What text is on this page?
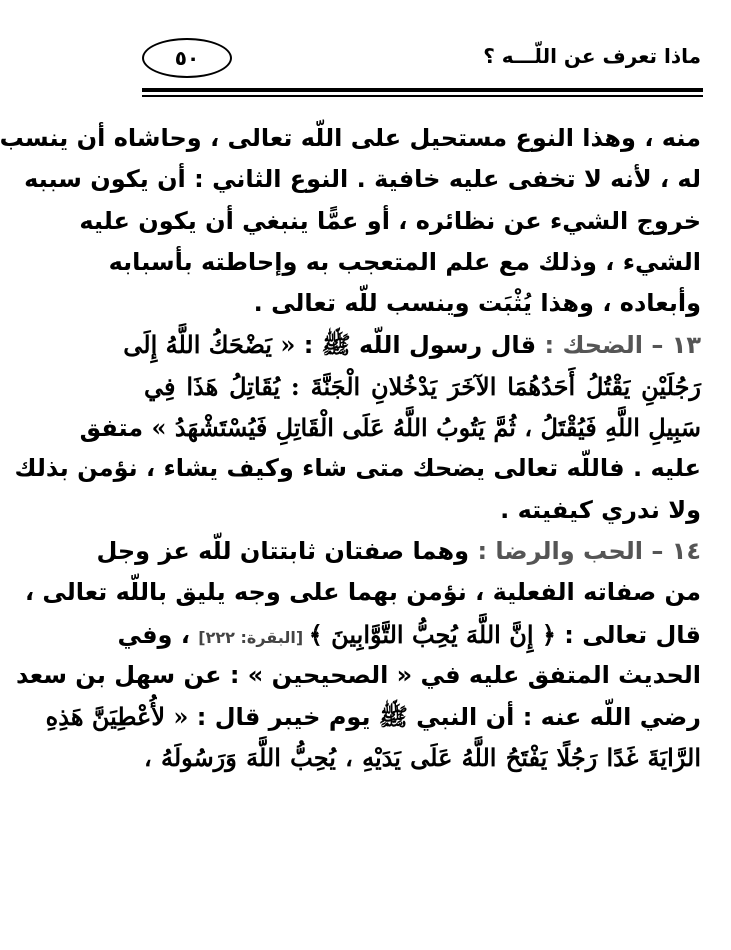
٥٠	ماذا تعرف عن اللّـــه ؟
منه ، وهذا النوع مستحيل على اللّه تعالى ، وحاشاه أن ينسب
له ، لأنه لا تخفى عليه خافية . النوع الثاني : أن يكون سببه
خروج الشيء عن نظائره ، أو عمًّا ينبغي أن يكون عليه
الشيء ، وذلك مع علم المتعجب به وإحاطته بأسبابه
وأبعاده ، وهذا يُثْبَت وينسب للّه تعالى .
١٣ – الضحك : قال رسول اللّه ﷺ : « يَضْحَكُ اللَّهُ إِلَى
رَجُلَيْنِ يَقْتُلُ أَحَدُهُمَا الآخَرَ يَدْخُلانِ الْجَنَّةَ : يُقَاتِلُ هَذَا فِي
سَبِيلِ اللَّهِ فَيُقْتَلُ ، ثُمَّ يَتُوبُ اللَّهُ عَلَى الْقَاتِلِ فَيُسْتَشْهَدُ » متفق
عليه . فاللّه تعالى يضحك متى شاء وكيف يشاء ، نؤمن بذلك
ولا ندري كيفيته .
١٤ – الحب والرضا : وهما صفتان ثابتتان للّه عز وجل
من صفاته الفعلية ، نؤمن بهما على وجه يليق باللّه تعالى ،
قال تعالى : ﴿ إِنَّ اللَّهَ يُحِبُّ التَّوَّابِينَ ﴾ [البقرة: ٢٢٢] ، وفي
الحديث المتفق عليه في « الصحيحين » : عن سهل بن سعد
رضي اللّه عنه : أن النبي ﷺ يوم خيبر قال : « لأُعْطِيَنَّ هَذِهِ
الرَّايَةَ غَدًا رَجُلًا يَفْتَحُ اللَّهُ عَلَى يَدَيْهِ ، يُحِبُّ اللَّهَ وَرَسُولَهُ ،
